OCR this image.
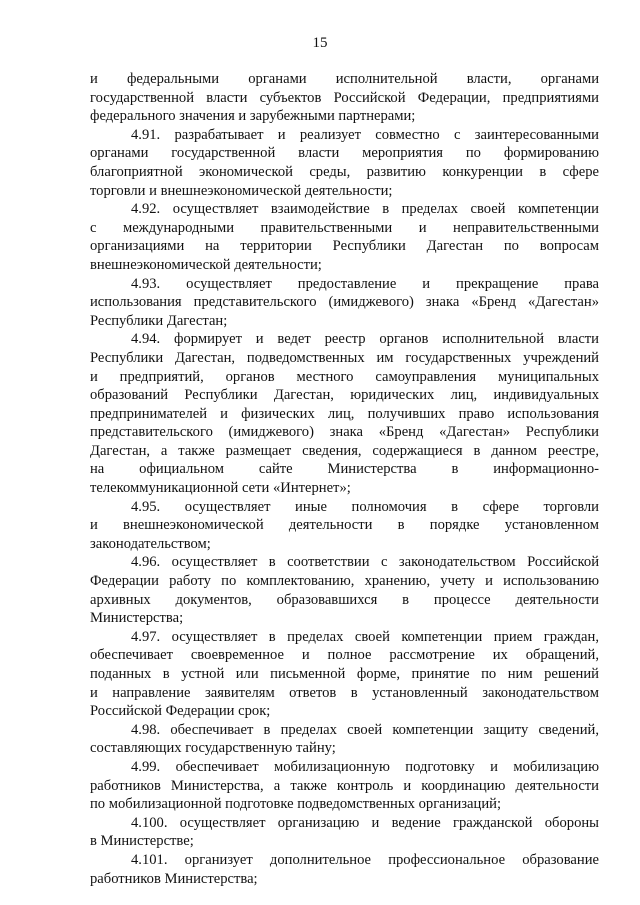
15
и федеральными органами исполнительной власти, органами
государственной власти субъектов Российской Федерации, предприятиями
федерального значения и зарубежными партнерами;
4.91. разрабатывает и реализует совместно с заинтересованными
органами государственной власти мероприятия по формированию
благоприятной экономической среды, развитию конкуренции в сфере
торговли и внешнеэкономической деятельности;
4.92. осуществляет взаимодействие в пределах своей компетенции
с международными правительственными и неправительственными
организациями на территории Республики Дагестан по вопросам
внешнеэкономической деятельности;
4.93. осуществляет предоставление и прекращение права
использования представительского (имиджевого) знака «Бренд «Дагестан»
Республики Дагестан;
4.94. формирует и ведет реестр органов исполнительной власти
Республики Дагестан, подведомственных им государственных учреждений
и предприятий, органов местного самоуправления муниципальных
образований Республики Дагестан, юридических лиц, индивидуальных
предпринимателей и физических лиц, получивших право использования
представительского (имиджевого) знака «Бренд «Дагестан» Республики
Дагестан, а также размещает сведения, содержащиеся в данном реестре,
на официальном сайте Министерства в информационно-
телекоммуникационной сети «Интернет»;
4.95. осуществляет иные полномочия в сфере торговли
и внешнеэкономической деятельности в порядке установленном
законодательством;
4.96. осуществляет в соответствии с законодательством Российской
Федерации работу по комплектованию, хранению, учету и использованию
архивных документов, образовавшихся в процессе деятельности
Министерства;
4.97. осуществляет в пределах своей компетенции прием граждан,
обеспечивает своевременное и полное рассмотрение их обращений,
поданных в устной или письменной форме, принятие по ним решений
и направление заявителям ответов в установленный законодательством
Российской Федерации срок;
4.98. обеспечивает в пределах своей компетенции защиту сведений,
составляющих государственную тайну;
4.99. обеспечивает мобилизационную подготовку и мобилизацию
работников Министерства, а также контроль и координацию деятельности
по мобилизационной подготовке подведомственных организаций;
4.100. осуществляет организацию и ведение гражданской обороны
в Министерстве;
4.101. организует дополнительное профессиональное образование
работников Министерства;
